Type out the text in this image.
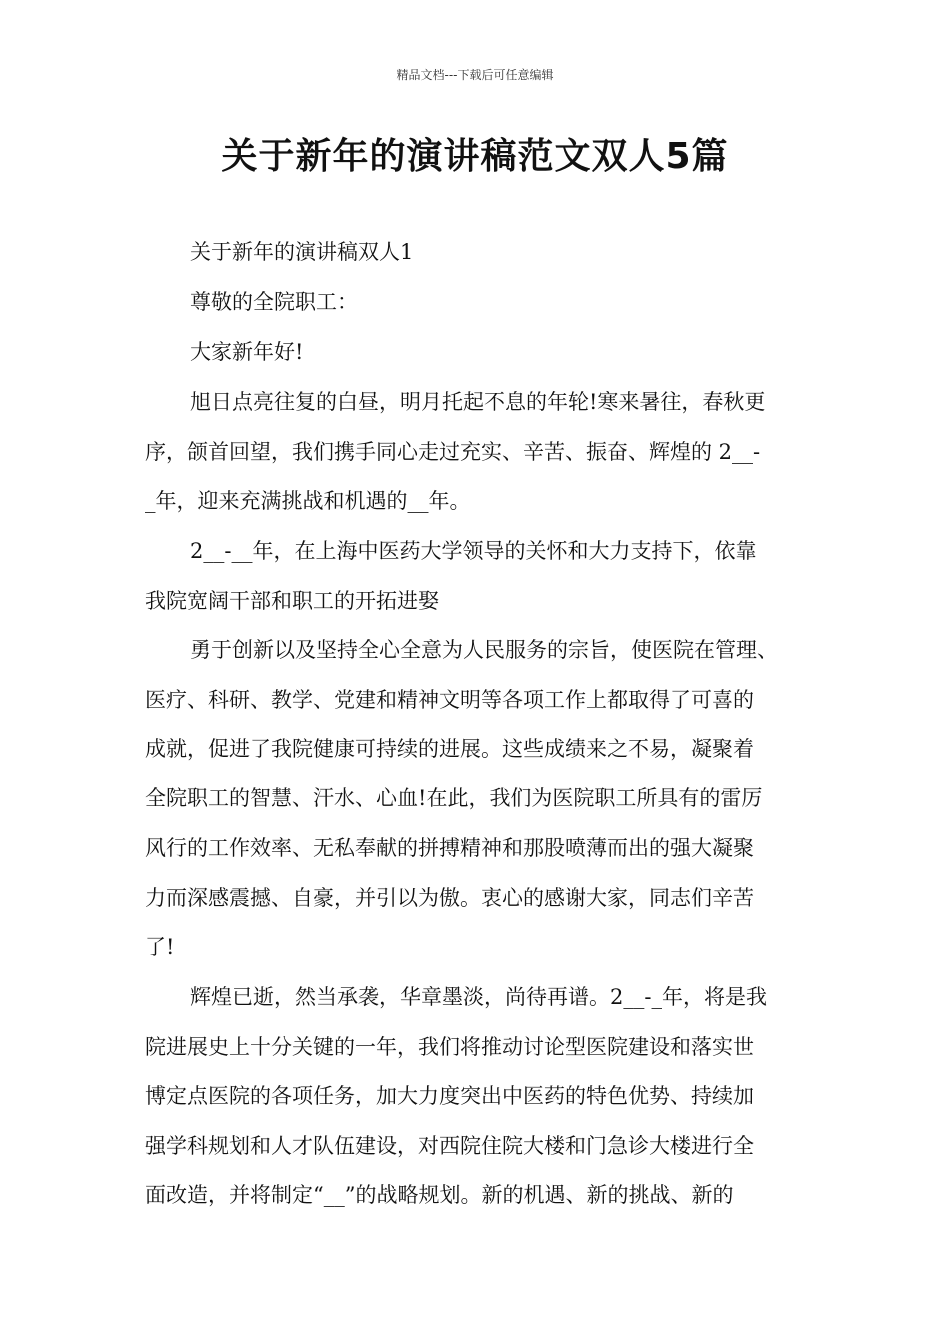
精品文档---下载后可任意编辑
关于新年的演讲稿范文双人5篇
关于新年的演讲稿双人1
尊敬的全院职工：
大家新年好!
旭日点亮往复的白昼，明月托起不息的年轮!寒来暑往，春秋更
序，颌首回望，我们携手同心走过充实、辛苦、振奋、辉煌的 2__-
_年，迎来充满挑战和机遇的__年。
2__-__年，在上海中医药大学领导的关怀和大力支持下，依靠
我院宽阔干部和职工的开拓进娶
勇于创新以及坚持全心全意为人民服务的宗旨，使医院在管理、
医疗、科研、教学、党建和精神文明等各项工作上都取得了可喜的
成就，促进了我院健康可持续的进展。这些成绩来之不易，凝聚着
全院职工的智慧、汗水、心血!在此，我们为医院职工所具有的雷厉
风行的工作效率、无私奉献的拼搏精神和那股喷薄而出的强大凝聚
力而深感震撼、自豪，并引以为傲。衷心的感谢大家，同志们辛苦
了!
辉煌已逝，然当承袭，华章墨淡，尚待再谱。2__-_年，将是我
院进展史上十分关键的一年，我们将推动讨论型医院建设和落实世
博定点医院的各项任务，加大力度突出中医药的特色优势、持续加
强学科规划和人才队伍建设，对西院住院大楼和门急诊大楼进行全
面改造，并将制定“__”的战略规划。新的机遇、新的挑战、新的
